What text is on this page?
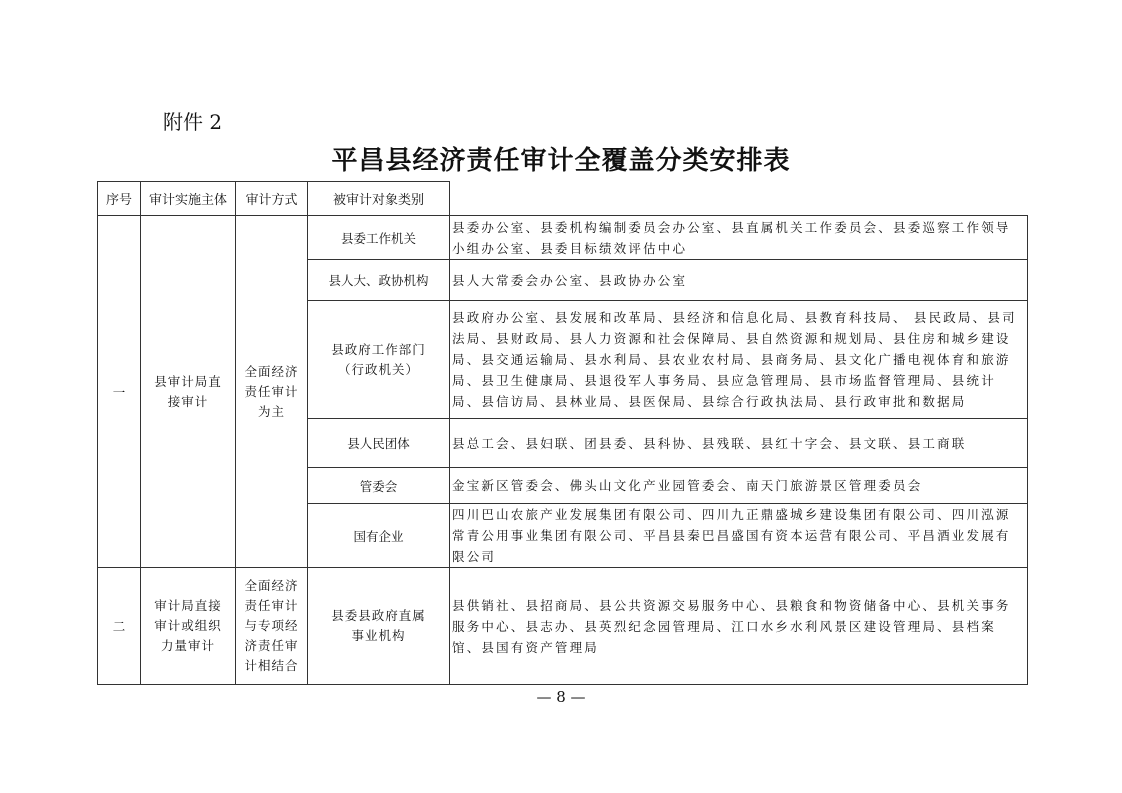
附件 2
平昌县经济责任审计全覆盖分类安排表
序号	审计实施主体	审计方式	被审计对象类别	
一	县审计局直接审计	全面经济责任审计为主	县委工作机关	县委办公室、县委机构编制委员会办公室、县直属机关工作委员会、县委巡察工作领导小组办公室、县委目标绩效评估中心
			县人大、政协机构	县人大常委会办公室、县政协办公室
			县政府工作部门（行政机关）	县政府办公室、县发展和改革局、县经济和信息化局、县教育科技局、 县民政局、县司法局、县财政局、县人力资源和社会保障局、县自然资源和规划局、县住房和城乡建设局、县交通运输局、县水利局、县农业农村局、县商务局、县文化广播电视体育和旅游局、县卫生健康局、县退役军人事务局、县应急管理局、县市场监督管理局、县统计局、县信访局、县林业局、县医保局、县综合行政执法局、县行政审批和数据局
			县人民团体	县总工会、县妇联、团县委、县科协、县残联、县红十字会、县文联、县工商联
			管委会	金宝新区管委会、佛头山文化产业园管委会、南天门旅游景区管理委员会
			国有企业	四川巴山农旅产业发展集团有限公司、四川九正鼎盛城乡建设集团有限公司、四川泓源常青公用事业集团有限公司、平昌县秦巴昌盛国有资本运营有限公司、平昌酒业发展有限公司
二	审计局直接审计或组织力量审计	全面经济责任审计与专项经济责任审计相结合	县委县政府直属事业机构	县供销社、县招商局、县公共资源交易服务中心、县粮食和物资储备中心、县机关事务服务中心、县志办、县英烈纪念园管理局、江口水乡水利风景区建设管理局、县档案馆、县国有资产管理局
— 8 —
